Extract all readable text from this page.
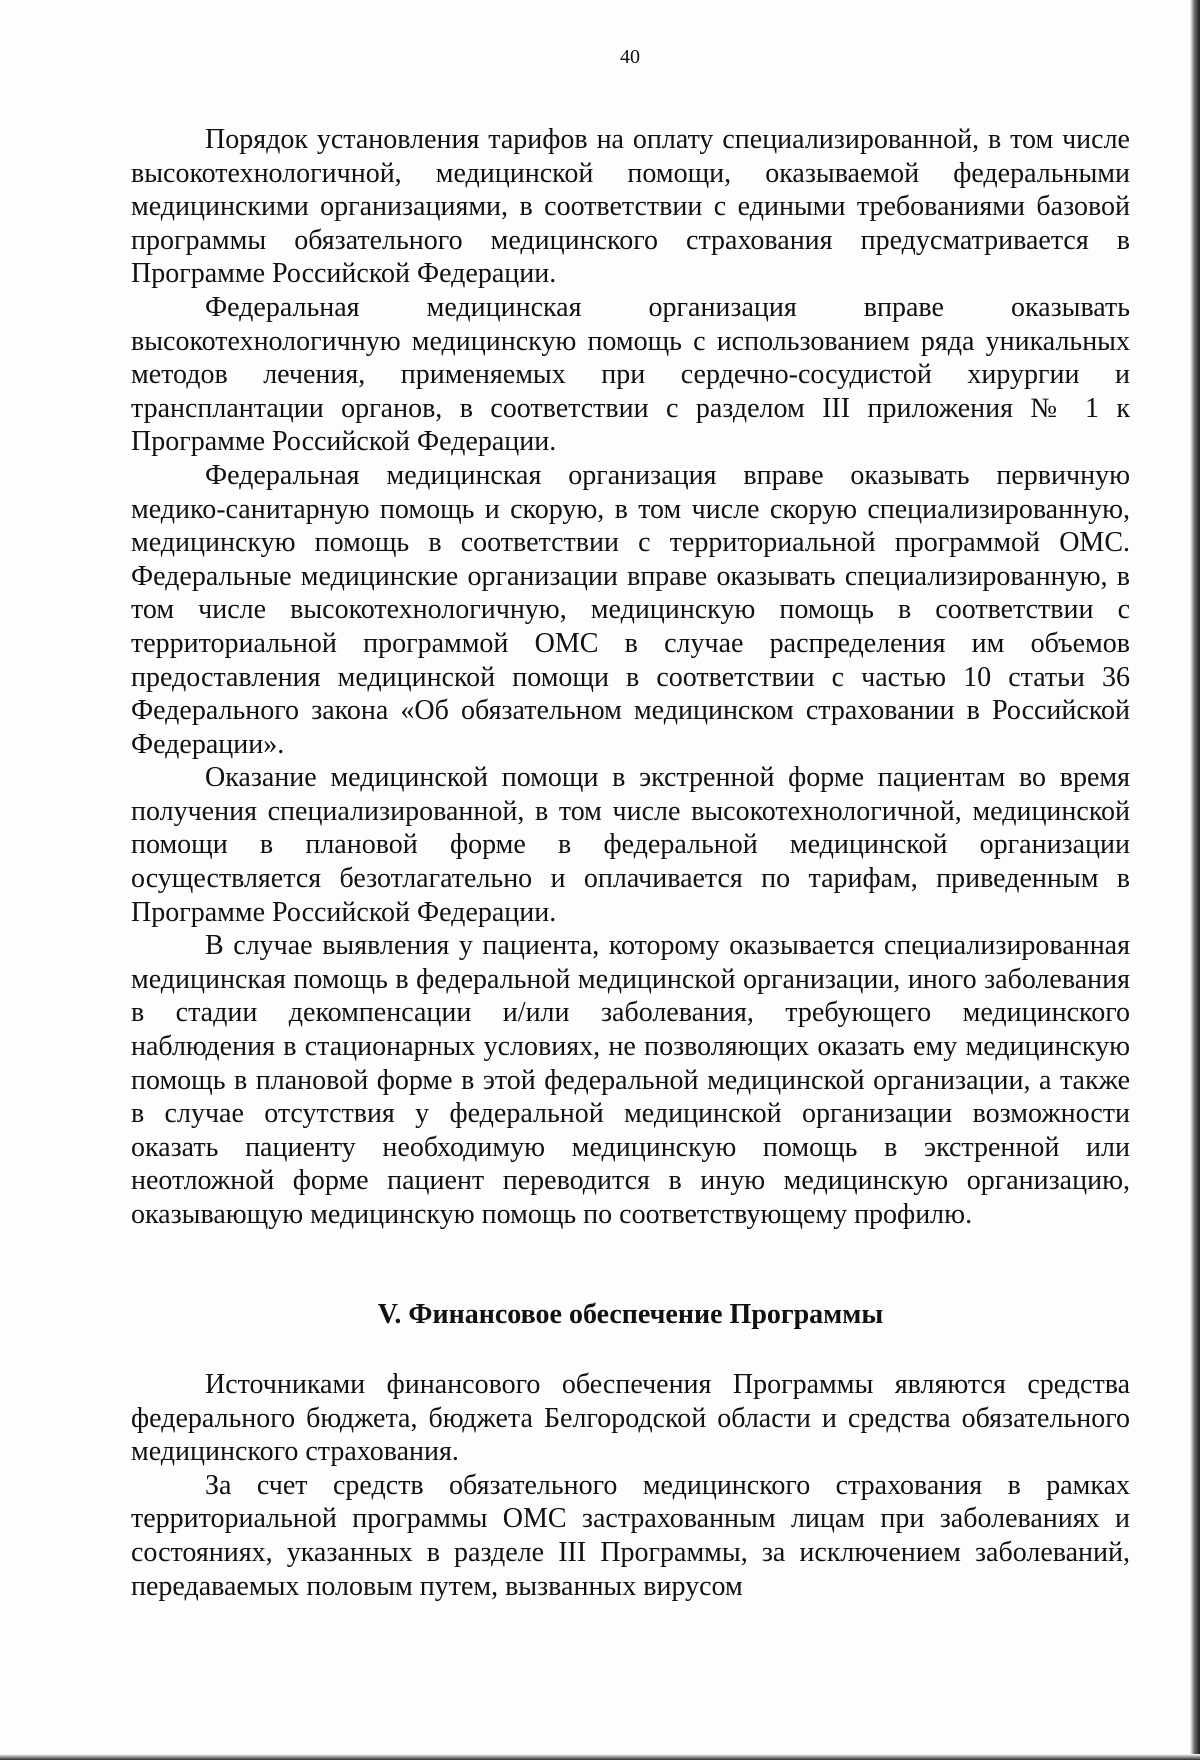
40

Порядок установления тарифов на оплату специализированной, в том числе высокотехнологичной, медицинской помощи, оказываемой федеральными медицинскими организациями, в соответствии с едиными требованиями базовой программы обязательного медицинского страхования предусматривается в Программе Российской Федерации.

Федеральная медицинская организация вправе оказывать высокотехнологичную медицинскую помощь с использованием ряда уникальных методов лечения, применяемых при сердечно-сосудистой хирургии и трансплантации органов, в соответствии с разделом III приложения № 1 к Программе Российской Федерации.

Федеральная медицинская организация вправе оказывать первичную медико-санитарную помощь и скорую, в том числе скорую специализированную, медицинскую помощь в соответствии с территориальной программой ОМС. Федеральные медицинские организации вправе оказывать специализированную, в том числе высокотехнологичную, медицинскую помощь в соответствии с территориальной программой ОМС в случае распределения им объемов предоставления медицинской помощи в соответствии с частью 10 статьи 36 Федерального закона «Об обязательном медицинском страховании в Российской Федерации».

Оказание медицинской помощи в экстренной форме пациентам во время получения специализированной, в том числе высокотехнологичной, медицинской помощи в плановой форме в федеральной медицинской организации осуществляется безотлагательно и оплачивается по тарифам, приведенным в Программе Российской Федерации.

В случае выявления у пациента, которому оказывается специализированная медицинская помощь в федеральной медицинской организации, иного заболевания в стадии декомпенсации и/или заболевания, требующего медицинского наблюдения в стационарных условиях, не позволяющих оказать ему медицинскую помощь в плановой форме в этой федеральной медицинской организации, а также в случае отсутствия у федеральной медицинской организации возможности оказать пациенту необходимую медицинскую помощь в экстренной или неотложной форме пациент переводится в иную медицинскую организацию, оказывающую медицинскую помощь по соответствующему профилю.

V. Финансовое обеспечение Программы

Источниками финансового обеспечения Программы являются средства федерального бюджета, бюджета Белгородской области и средства обязательного медицинского страхования.

За счет средств обязательного медицинского страхования в рамках территориальной программы ОМС застрахованным лицам при заболеваниях и состояниях, указанных в разделе III Программы, за исключением заболеваний, передаваемых половым путем, вызванных вирусом
